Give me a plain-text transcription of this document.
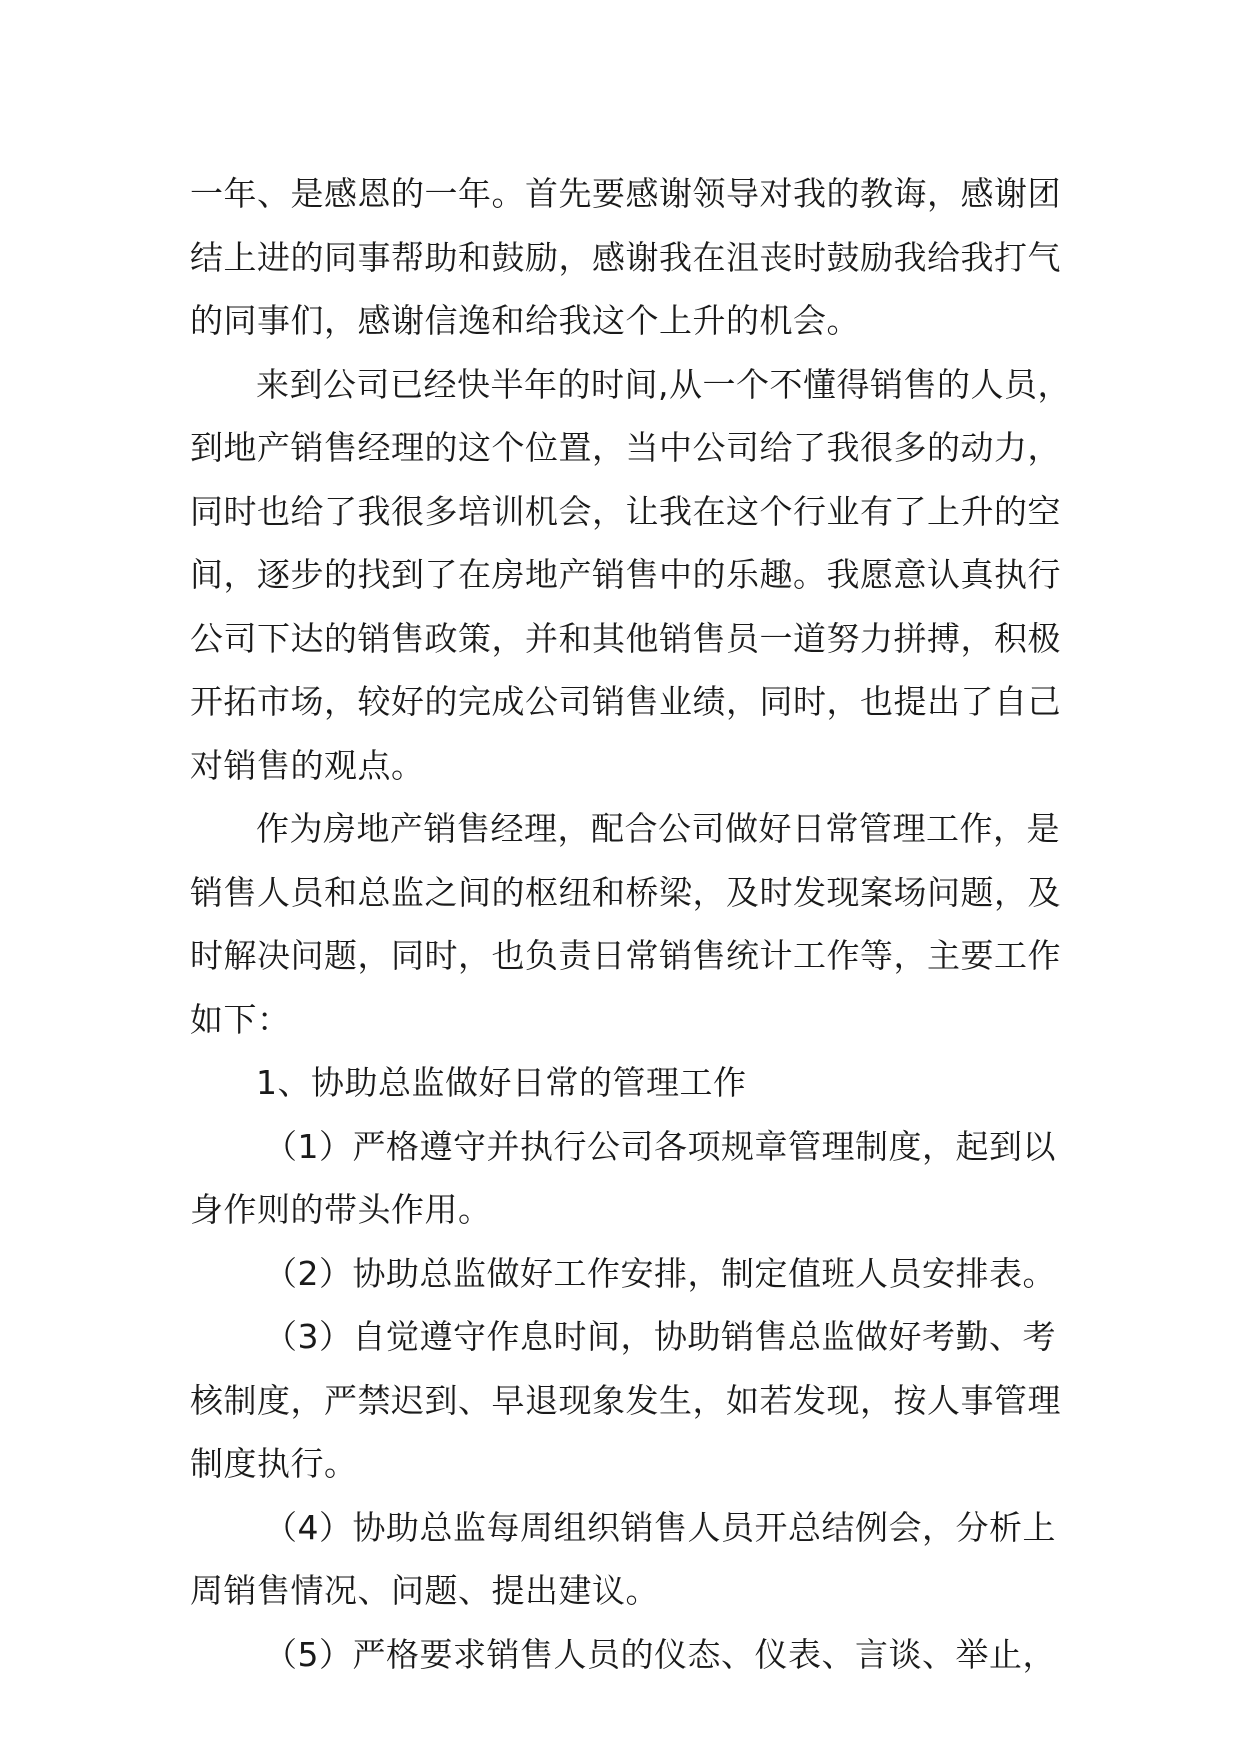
一年、是感恩的一年。首先要感谢领导对我的教诲，感谢团
结上进的同事帮助和鼓励，感谢我在沮丧时鼓励我给我打气
的同事们，感谢信逸和给我这个上升的机会。
来到公司已经快半年的时间,从一个不懂得销售的人员，
到地产销售经理的这个位置，当中公司给了我很多的动力，
同时也给了我很多培训机会，让我在这个行业有了上升的空
间，逐步的找到了在房地产销售中的乐趣。我愿意认真执行
公司下达的销售政策，并和其他销售员一道努力拼搏，积极
开拓市场，较好的完成公司销售业绩，同时，也提出了自己
对销售的观点。
作为房地产销售经理，配合公司做好日常管理工作，是
销售人员和总监之间的枢纽和桥梁，及时发现案场问题，及
时解决问题，同时，也负责日常销售统计工作等，主要工作
如下：
1、协助总监做好日常的管理工作
（1）严格遵守并执行公司各项规章管理制度，起到以
身作则的带头作用。
（2）协助总监做好工作安排，制定值班人员安排表。
（3）自觉遵守作息时间，协助销售总监做好考勤、考
核制度，严禁迟到、早退现象发生，如若发现，按人事管理
制度执行。
（4）协助总监每周组织销售人员开总结例会，分析上
周销售情况、问题、提出建议。
（5）严格要求销售人员的仪态、仪表、言谈、举止，
